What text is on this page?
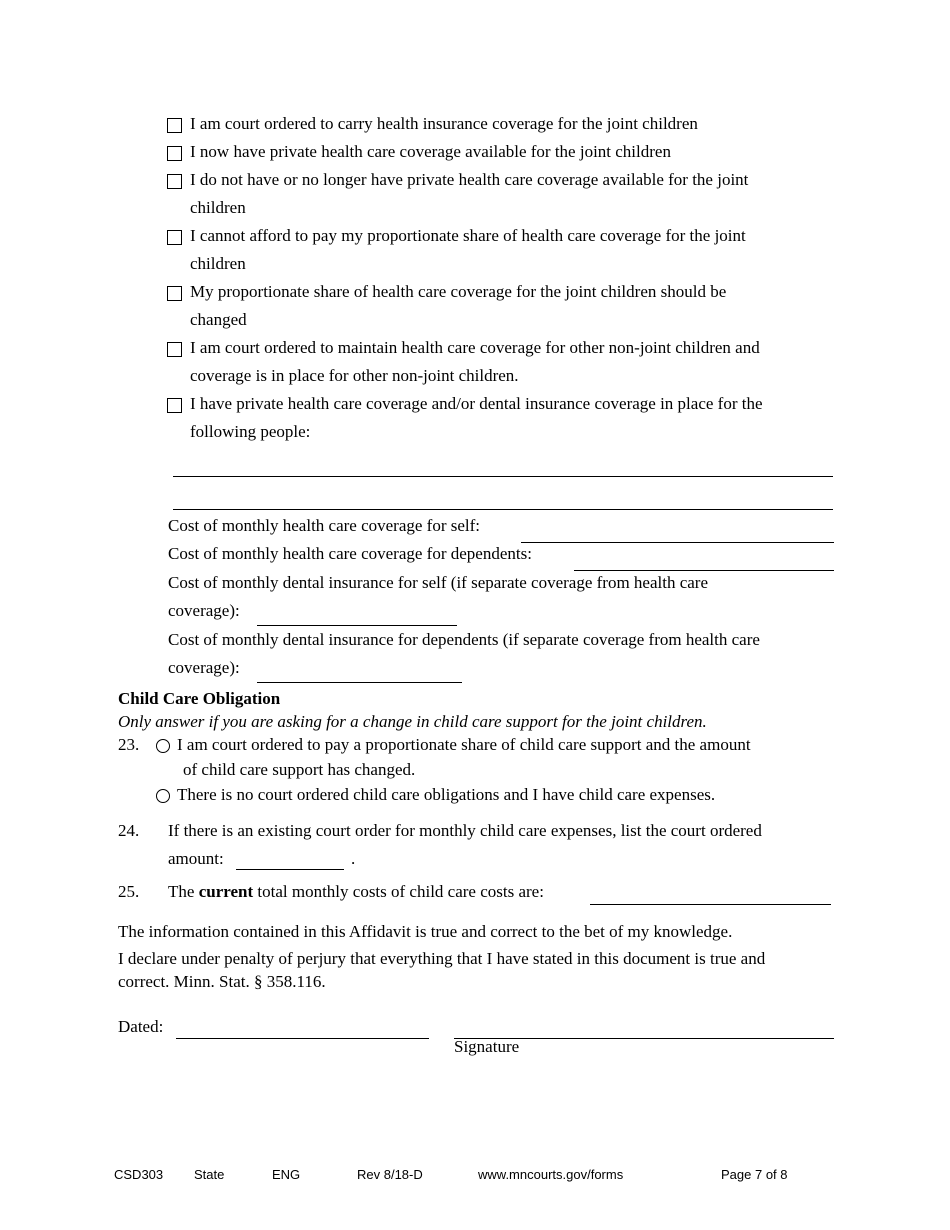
I am court ordered to carry health insurance coverage for the joint children
I now have private health care coverage available for the joint children
I do not have or no longer have private health care coverage available for the joint
children
I cannot afford to pay my proportionate share of health care coverage for the joint
children
My proportionate share of health care coverage for the joint children should be
changed
I am court ordered to maintain health care coverage for other non-joint children and
coverage is in place for other non-joint children.
I have private health care coverage and/or dental insurance coverage in place for the
following people:
Cost of monthly health care coverage for self:
Cost of monthly health care coverage for dependents:
Cost of monthly dental insurance for self (if separate coverage from health care
coverage):
Cost of monthly dental insurance for dependents (if separate coverage from health care
coverage):
Child Care Obligation
Only answer if you are asking for a change in child care support for the joint children.
23. I am court ordered to pay a proportionate share of child care support and the amount
of child care support has changed.
There is no court ordered child care obligations and I have child care expenses.
24. If there is an existing court order for monthly child care expenses, list the court ordered
amount:	.
25. The current total monthly costs of child care costs are:
The information contained in this Affidavit is true and correct to the bet of my knowledge.
I declare under penalty of perjury that everything that I have stated in this document is true and
correct. Minn. Stat. § 358.116.
Dated:
Signature
CSD303 State	ENG	Rev 8/18-D	www.mncourts.gov/forms	Page 7 of 8
